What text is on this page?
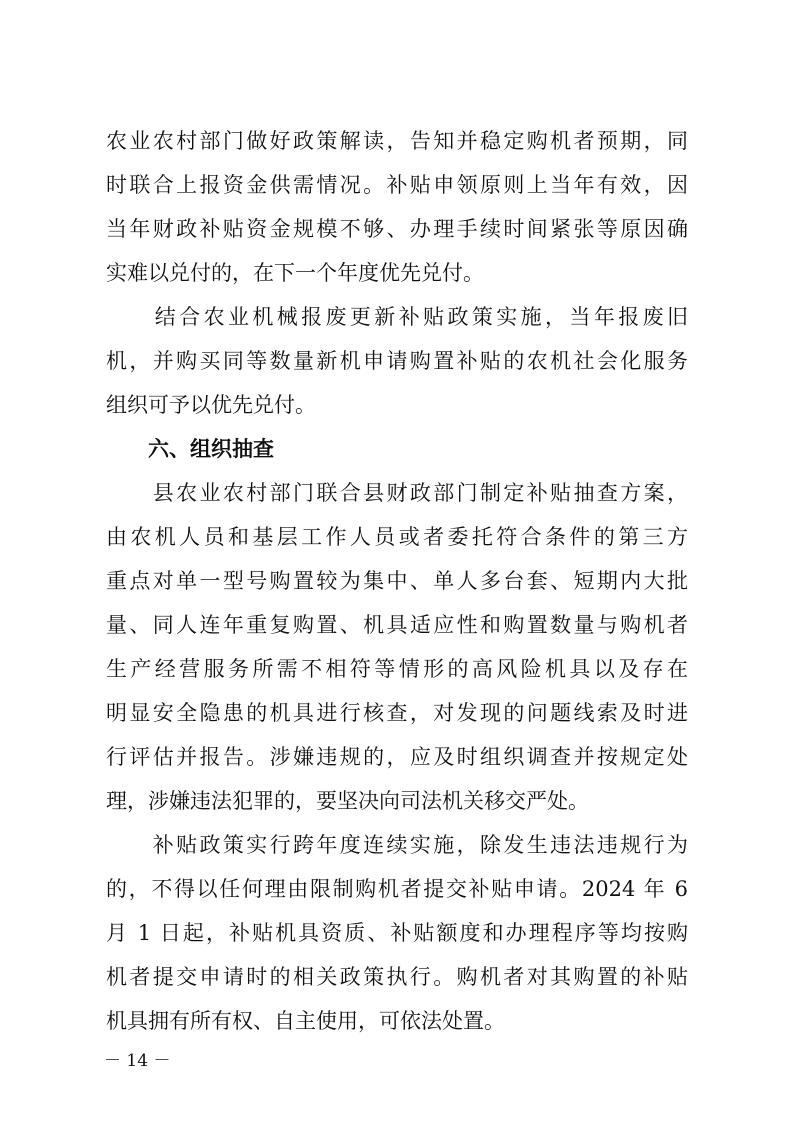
农业农村部门做好政策解读，告知并稳定购机者预期，同
时联合上报资金供需情况。补贴申领原则上当年有效，因
当年财政补贴资金规模不够、办理手续时间紧张等原因确
实难以兑付的，在下一个年度优先兑付。
　　结合农业机械报废更新补贴政策实施，当年报废旧
机，并购买同等数量新机申请购置补贴的农机社会化服务
组织可予以优先兑付。
　　六、组织抽查
　　县农业农村部门联合县财政部门制定补贴抽查方案，
由农机人员和基层工作人员或者委托符合条件的第三方
重点对单一型号购置较为集中、单人多台套、短期内大批
量、同人连年重复购置、机具适应性和购置数量与购机者
生产经营服务所需不相符等情形的高风险机具以及存在
明显安全隐患的机具进行核查，对发现的问题线索及时进
行评估并报告。涉嫌违规的，应及时组织调查并按规定处
理，涉嫌违法犯罪的，要坚决向司法机关移交严处。
　　补贴政策实行跨年度连续实施，除发生违法违规行为
的，不得以任何理由限制购机者提交补贴申请。2024 年 6
月 1 日起，补贴机具资质、补贴额度和办理程序等均按购
机者提交申请时的相关政策执行。购机者对其购置的补贴
机具拥有所有权、自主使用，可依法处置。
－ 14 －
